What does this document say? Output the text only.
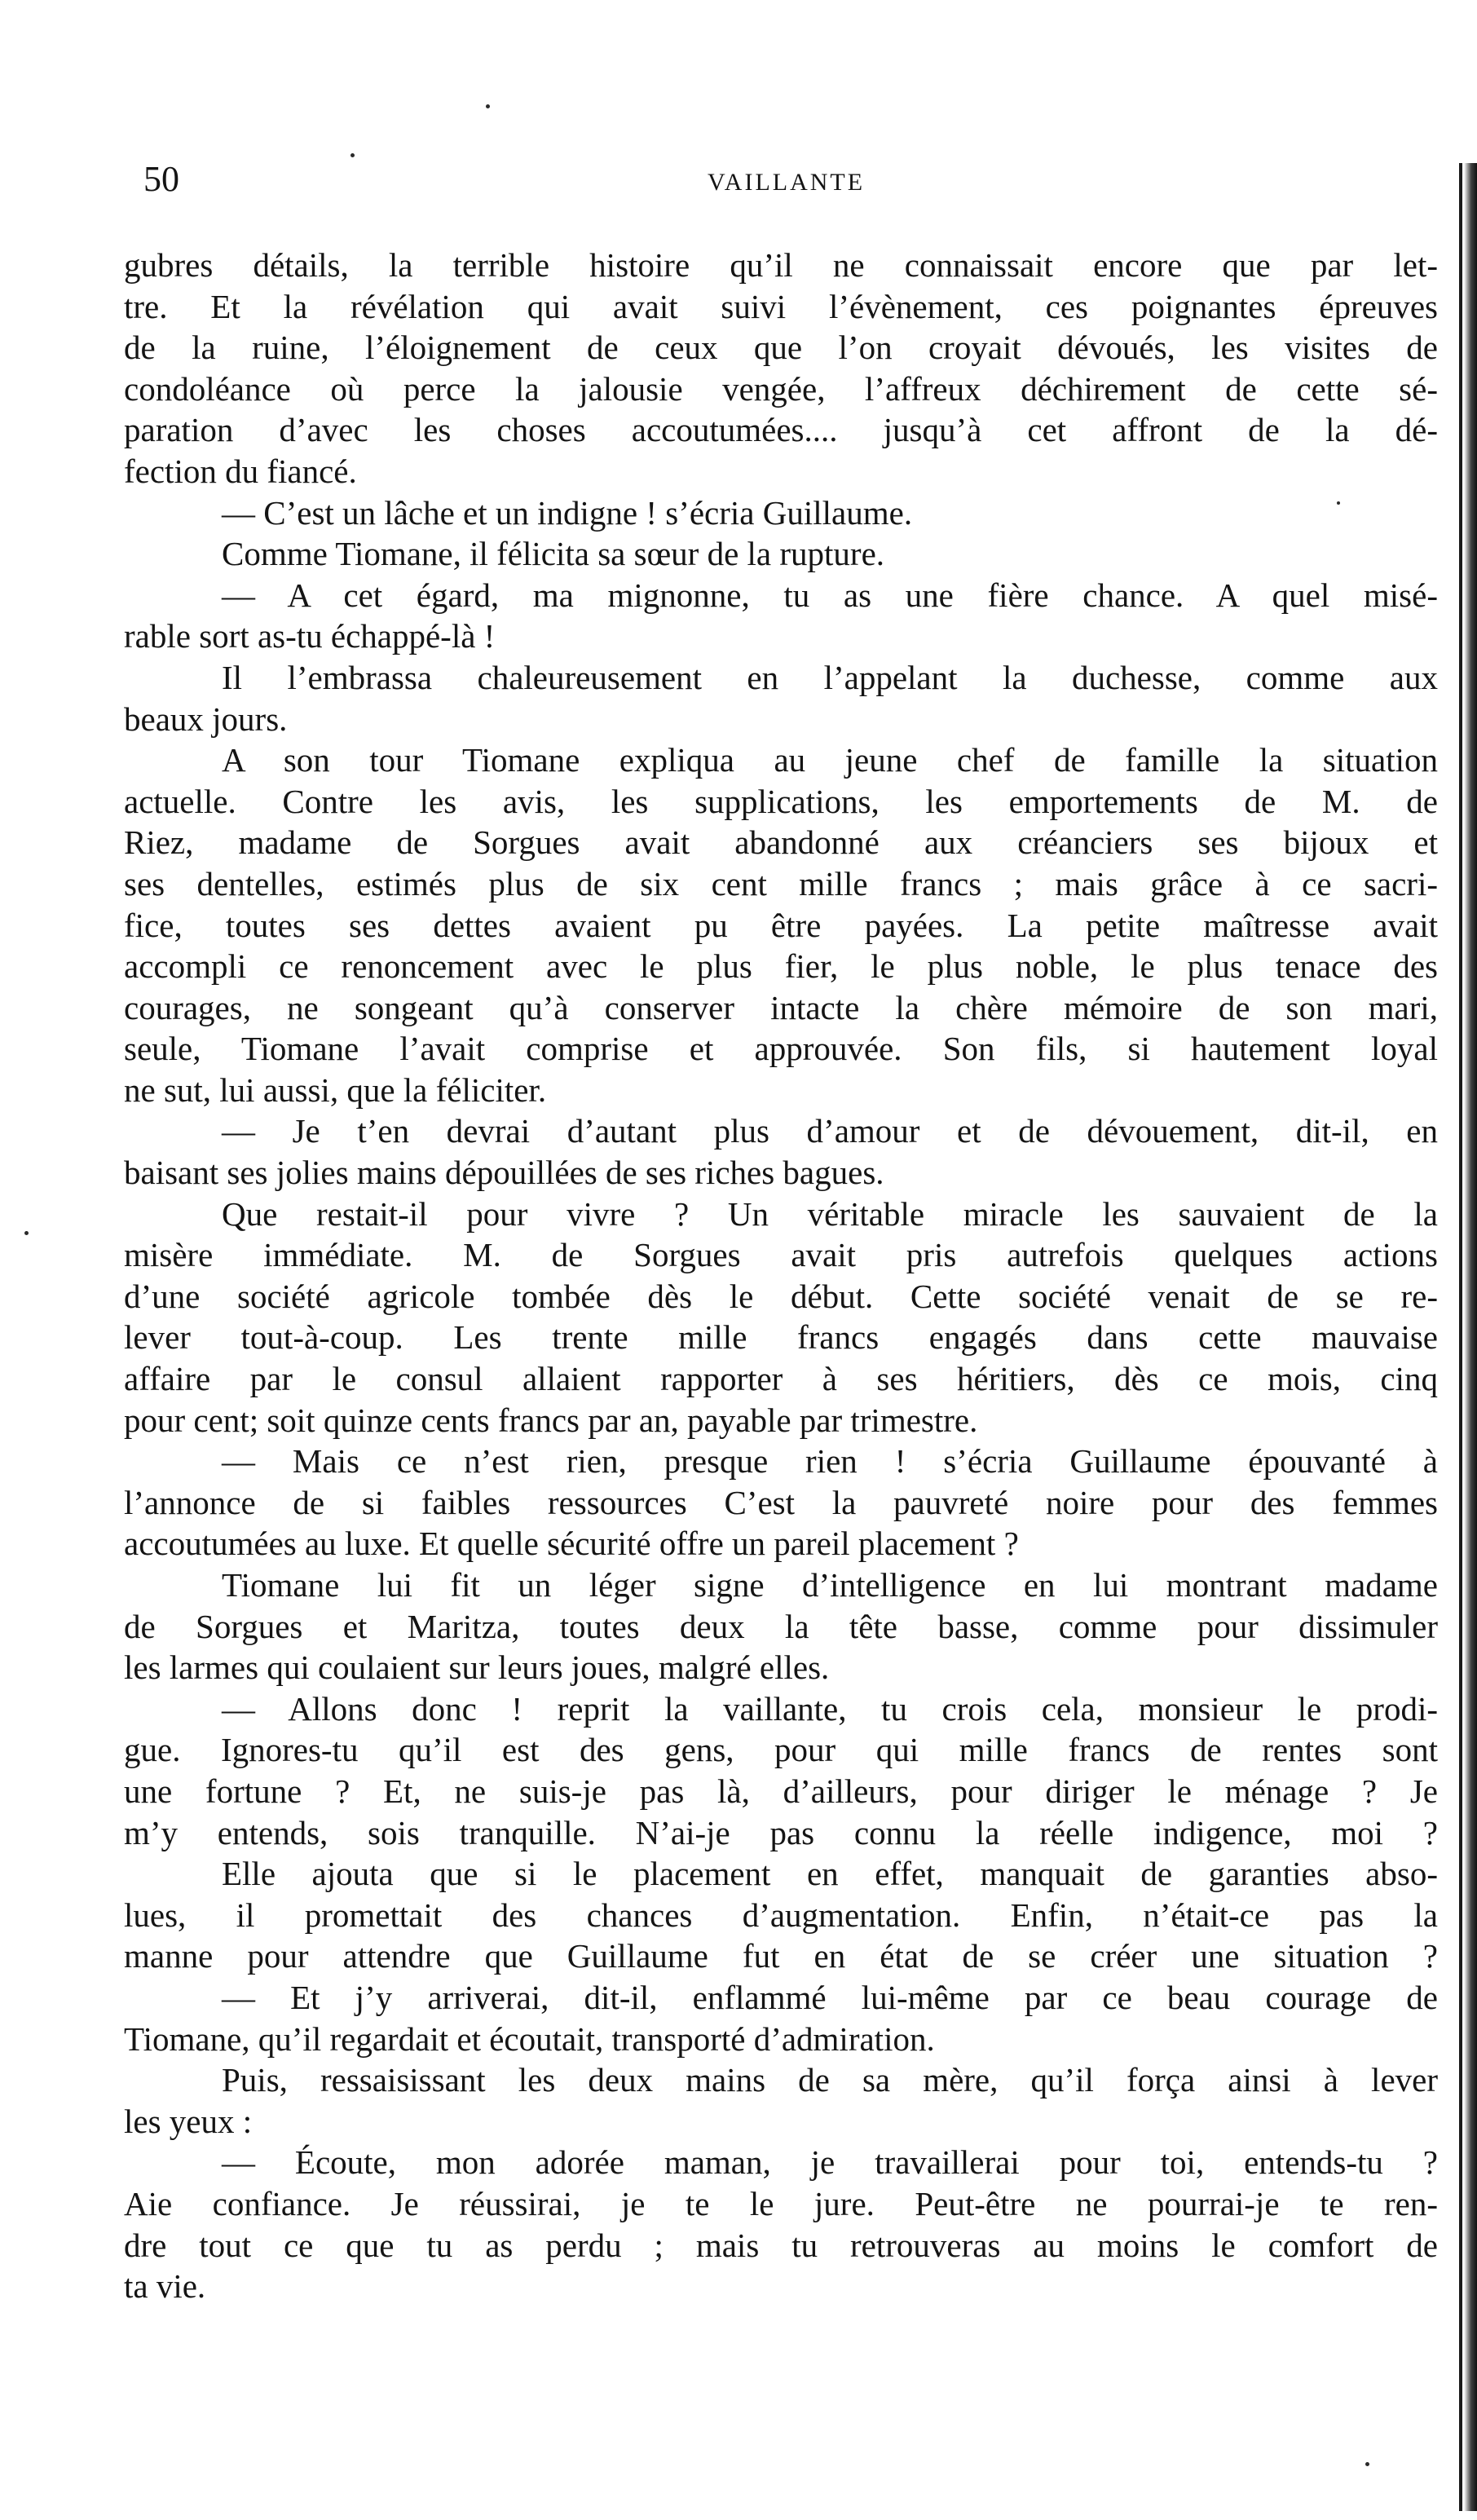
50	VAILLANTE
gubres détails, la terrible histoire qu’il ne connaissait encore que par let-
tre. Et la révélation qui avait suivi l’évènement, ces poignantes épreuves
de la ruine, l’éloignement de ceux que l’on croyait dévoués, les visites de
condoléance où perce la jalousie vengée, l’affreux déchirement de cette sé-
paration d’avec les choses accoutumées.... jusqu’à cet affront de la dé-
fection du fiancé.
— C’est un lâche et un indigne ! s’écria Guillaume.
Comme Tiomane, il félicita sa sœur de la rupture.
— A cet égard, ma mignonne, tu as une fière chance. A quel misé-
rable sort as-tu échappé-là !
Il l’embrassa chaleureusement en l’appelant la duchesse, comme aux
beaux jours.
A son tour Tiomane expliqua au jeune chef de famille la situation
actuelle. Contre les avis, les supplications, les emportements de M. de
Riez, madame de Sorgues avait abandonné aux créanciers ses bijoux et
ses dentelles, estimés plus de six cent mille francs ; mais grâce à ce sacri-
fice, toutes ses dettes avaient pu être payées. La petite maîtresse avait
accompli ce renoncement avec le plus fier, le plus noble, le plus tenace des
courages, ne songeant qu’à conserver intacte la chère mémoire de son mari,
seule, Tiomane l’avait comprise et approuvée. Son fils, si hautement loyal
ne sut, lui aussi, que la féliciter.
— Je t’en devrai d’autant plus d’amour et de dévouement, dit-il, en
baisant ses jolies mains dépouillées de ses riches bagues.
Que restait-il pour vivre ? Un véritable miracle les sauvaient de la
misère immédiate. M. de Sorgues avait pris autrefois quelques actions
d’une société agricole tombée dès le début. Cette société venait de se re-
lever tout-à-coup. Les trente mille francs engagés dans cette mauvaise
affaire par le consul allaient rapporter à ses héritiers, dès ce mois, cinq
pour cent; soit quinze cents francs par an, payable par trimestre.
— Mais ce n’est rien, presque rien ! s’écria Guillaume épouvanté à
l’annonce de si faibles ressources C’est la pauvreté noire pour des femmes
accoutumées au luxe. Et quelle sécurité offre un pareil placement ?
Tiomane lui fit un léger signe d’intelligence en lui montrant madame
de Sorgues et Maritza, toutes deux la tête basse, comme pour dissimuler
les larmes qui coulaient sur leurs joues, malgré elles.
— Allons donc ! reprit la vaillante, tu crois cela, monsieur le prodi-
gue. Ignores-tu qu’il est des gens, pour qui mille francs de rentes sont
une fortune ? Et, ne suis-je pas là, d’ailleurs, pour diriger le ménage ? Je
m’y entends, sois tranquille. N’ai-je pas connu la réelle indigence, moi ?
Elle ajouta que si le placement en effet, manquait de garanties abso-
lues, il promettait des chances d’augmentation. Enfin, n’était-ce pas la
manne pour attendre que Guillaume fut en état de se créer une situation ?
— Et j’y arriverai, dit-il, enflammé lui-même par ce beau courage de
Tiomane, qu’il regardait et écoutait, transporté d’admiration.
Puis, ressaisissant les deux mains de sa mère, qu’il força ainsi à lever
les yeux :
— Écoute, mon adorée maman, je travaillerai pour toi, entends-tu ?
Aie confiance. Je réussirai, je te le jure. Peut-être ne pourrai-je te ren-
dre tout ce que tu as perdu ; mais tu retrouveras au moins le comfort de
ta vie.
